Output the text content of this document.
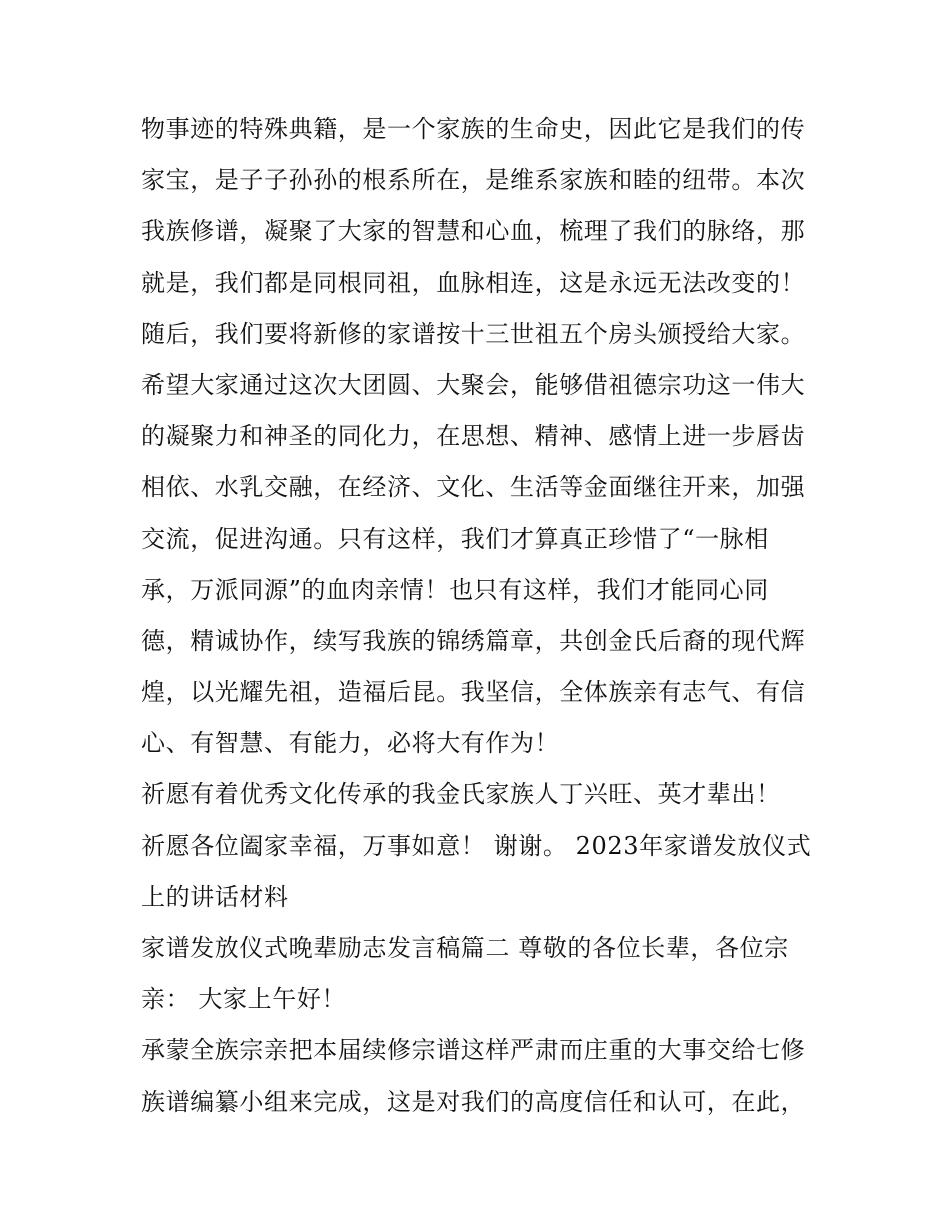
物事迹的特殊典籍，是一个家族的生命史，因此它是我们的传
家宝，是子子孙孙的根系所在，是维系家族和睦的纽带。本次
我族修谱，凝聚了大家的智慧和心血，梳理了我们的脉络，那
就是，我们都是同根同祖，血脉相连，这是永远无法改变的！
随后，我们要将新修的家谱按十三世祖五个房头颁授给大家。
希望大家通过这次大团圆、大聚会，能够借祖德宗功这一伟大
的凝聚力和神圣的同化力，在思想、精神、感情上进一步唇齿
相依、水乳交融，在经济、文化、生活等金面继往开来，加强
交流，促进沟通。只有这样，我们才算真正珍惜了“一脉相
承，万派同源”的血肉亲情！也只有这样，我们才能同心同
德，精诚协作，续写我族的锦绣篇章，共创金氏后裔的现代辉
煌，以光耀先祖，造福后昆。我坚信，全体族亲有志气、有信
心、有智慧、有能力，必将大有作为！
祈愿有着优秀文化传承的我金氏家族人丁兴旺、英才辈出！
祈愿各位阖家幸福，万事如意！ 谢谢。 2023年家谱发放仪式
上的讲话材料
家谱发放仪式晚辈励志发言稿篇二 尊敬的各位长辈，各位宗
亲： 大家上午好！
承蒙全族宗亲把本届续修宗谱这样严肃而庄重的大事交给七修
族谱编纂小组来完成，这是对我们的高度信任和认可，在此，
